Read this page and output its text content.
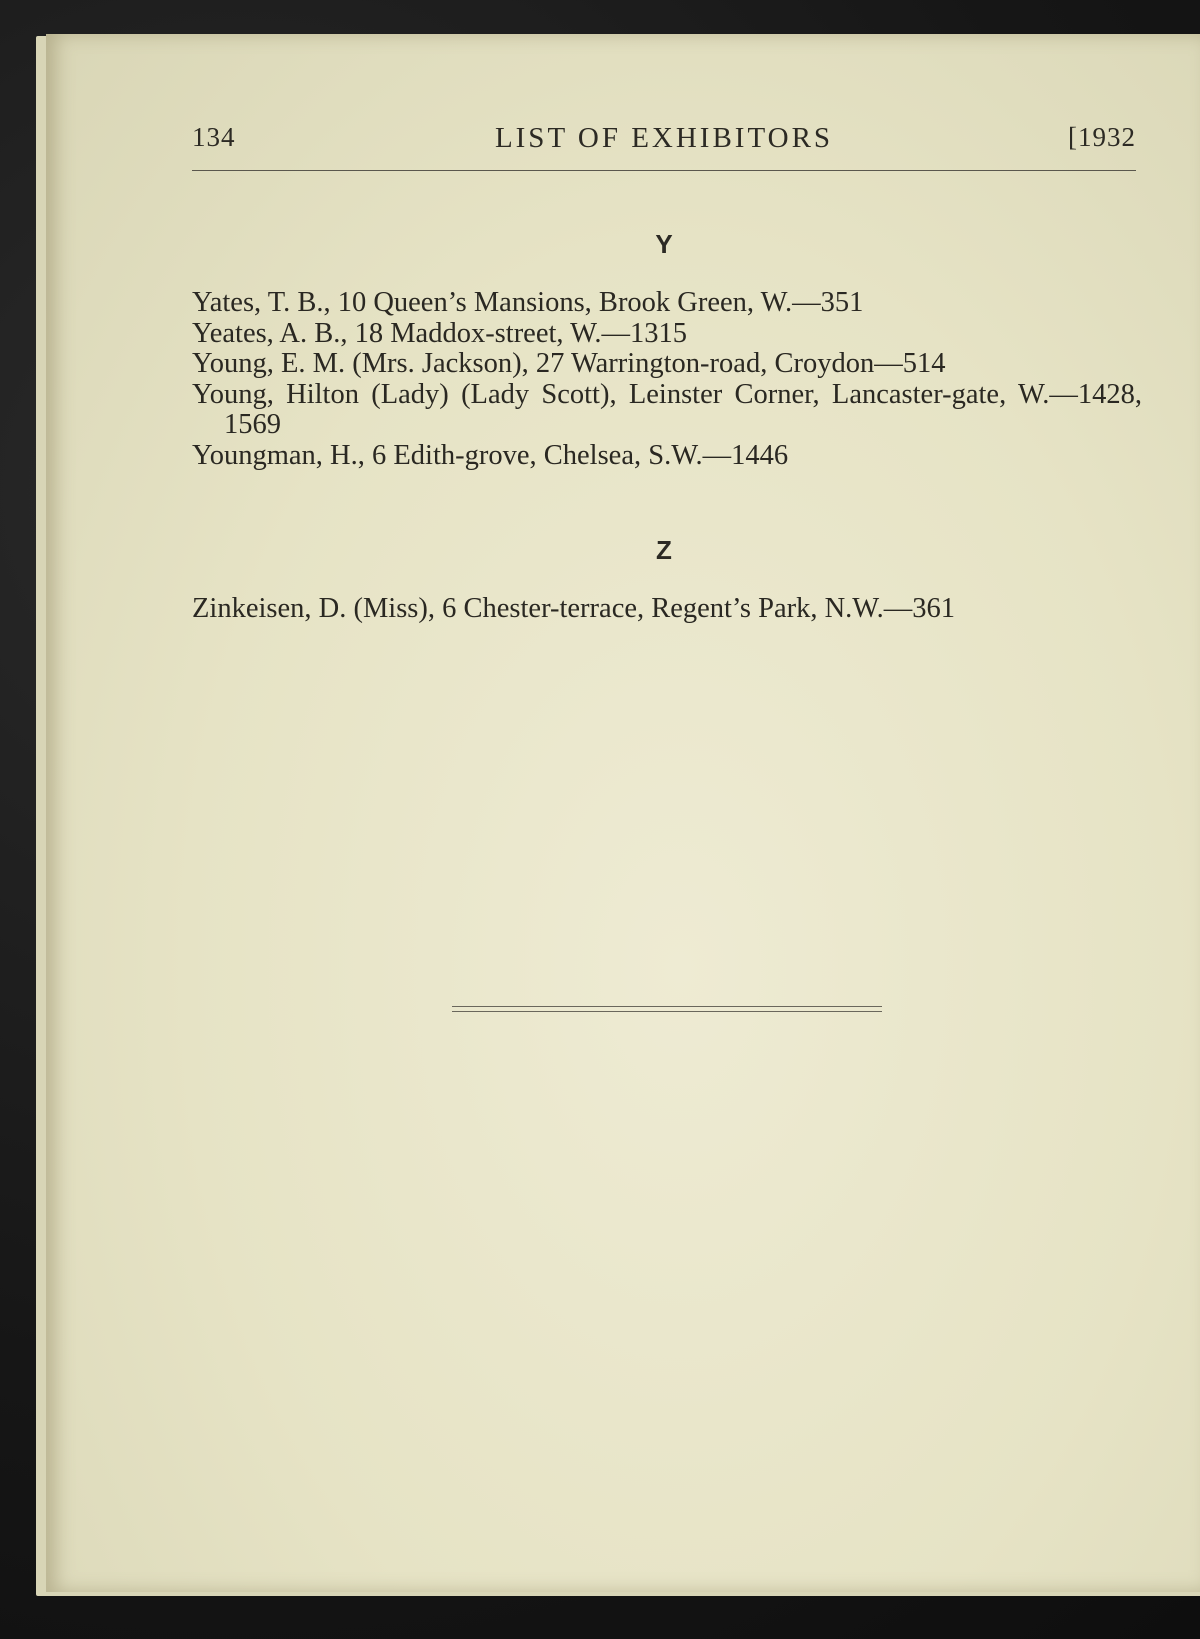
134	LIST OF EXHIBITORS	[1932
Y
Yates, T. B., 10 Queen’s Mansions, Brook Green, W.—351
Yeates, A. B., 18 Maddox-street, W.—1315
Young, E. M. (Mrs. Jackson), 27 Warrington-road, Croydon—514
Young, Hilton (Lady) (Lady Scott), Leinster Corner, Lancaster-gate, W.—1428, 1569
Youngman, H., 6 Edith-grove, Chelsea, S.W.—1446
Z
Zinkeisen, D. (Miss), 6 Chester-terrace, Regent’s Park, N.W.—361
